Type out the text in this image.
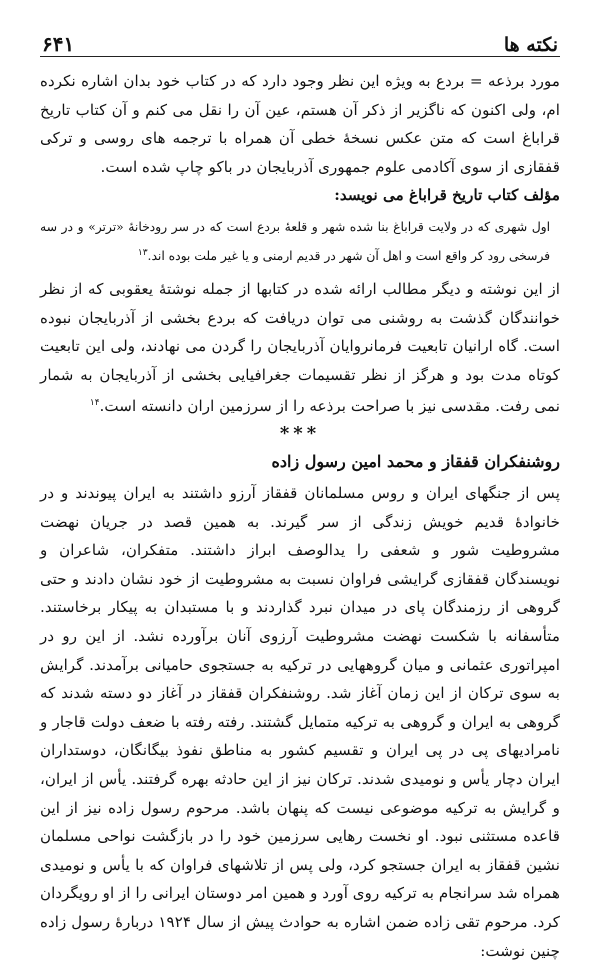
۶۴۱	نکته ها

مورد برذعه = بردع به ویژه این نظر وجود دارد که در کتاب خود بدان اشاره نکرده ام، ولی اکنون که ناگزیر از ذکر آن هستم، عین آن را نقل می کنم و آن کتاب تاریخ قراباغ است که متن عکس نسخهٔ خطی آن همراه با ترجمه های روسی و ترکی قفقازی از سوی آکادمی علوم جمهوری آذربایجان در باکو چاپ شده است.

مؤلف کتاب تاریخ قراباغ می نویسد:

اول شهری که در ولایت قراباغ بنا شده شهر و قلعهٔ بردع است که در سر رودخانهٔ «ترتر» و در سه فرسخی رود کر واقع است و اهل آن شهر در قدیم ارمنی و یا غیر ملت بوده اند.$^{۱۳}$

از این نوشته و دیگر مطالب ارائه شده در کتابها از جمله نوشتهٔ یعقوبی که از نظر خوانندگان گذشت به روشنی می توان دریافت که بردع بخشی از آذربایجان نبوده است. گاه ارانیان تابعیت فرمانروایان آذربایجان را گردن می نهادند، ولی این تابعیت کوتاه مدت بود و هرگز از نظر تقسیمات جغرافیایی بخشی از آذربایجان به شمار نمی رفت. مقدسی نیز با صراحت برذعه را از سرزمین اران دانسته است.$^{۱۴}$

***
روشنفکران قفقاز و محمد امین رسول زاده

پس از جنگهای ایران و روس مسلمانان قفقاز آرزو داشتند به ایران پیوندند و در خانوادهٔ قدیم خویش زندگی از سر گیرند. به همین قصد در جریان نهضت مشروطیت شور و شعفی را یدالوصف ابراز داشتند. متفکران، شاعران و نویسندگان قفقازی گرایشی فراوان نسبت به مشروطیت از خود نشان دادند و حتی گروهی از رزمندگان پای در میدان نبرد گذاردند و با مستبدان به پیکار برخاستند. متأسفانه با شکست نهضت مشروطیت آرزوی آنان برآورده نشد. از این رو در امپراتوری عثمانی و میان گروههایی در ترکیه به جستجوی حامیانی برآمدند. گرایش به سوی ترکان از این زمان آغاز شد. روشنفکران قفقاز در آغاز دو دسته شدند که گروهی به ایران و گروهی به ترکیه متمایل گشتند. رفته رفته با ضعف دولت قاجار و نامرادیهای پی در پی ایران و تقسیم کشور به مناطق نفوذ بیگانگان، دوستداران ایران دچار یأس و نومیدی شدند. ترکان نیز از این حادثه بهره گرفتند. یأس از ایران، و گرایش به ترکیه موضوعی نیست که پنهان باشد. مرحوم رسول زاده نیز از این قاعده مستثنی نبود. او نخست رهایی سرزمین خود را در بازگشت نواحی مسلمان نشین قفقاز به ایران جستجو کرد، ولی پس از تلاشهای فراوان که با یأس و نومیدی همراه شد سرانجام به ترکیه روی آورد و همین امر دوستان ایرانی را از او رویگردان کرد. مرحوم تقی زاده ضمن اشاره به حوادث پیش از سال ۱۹۲۴ دربارهٔ رسول زاده چنین نوشت:
